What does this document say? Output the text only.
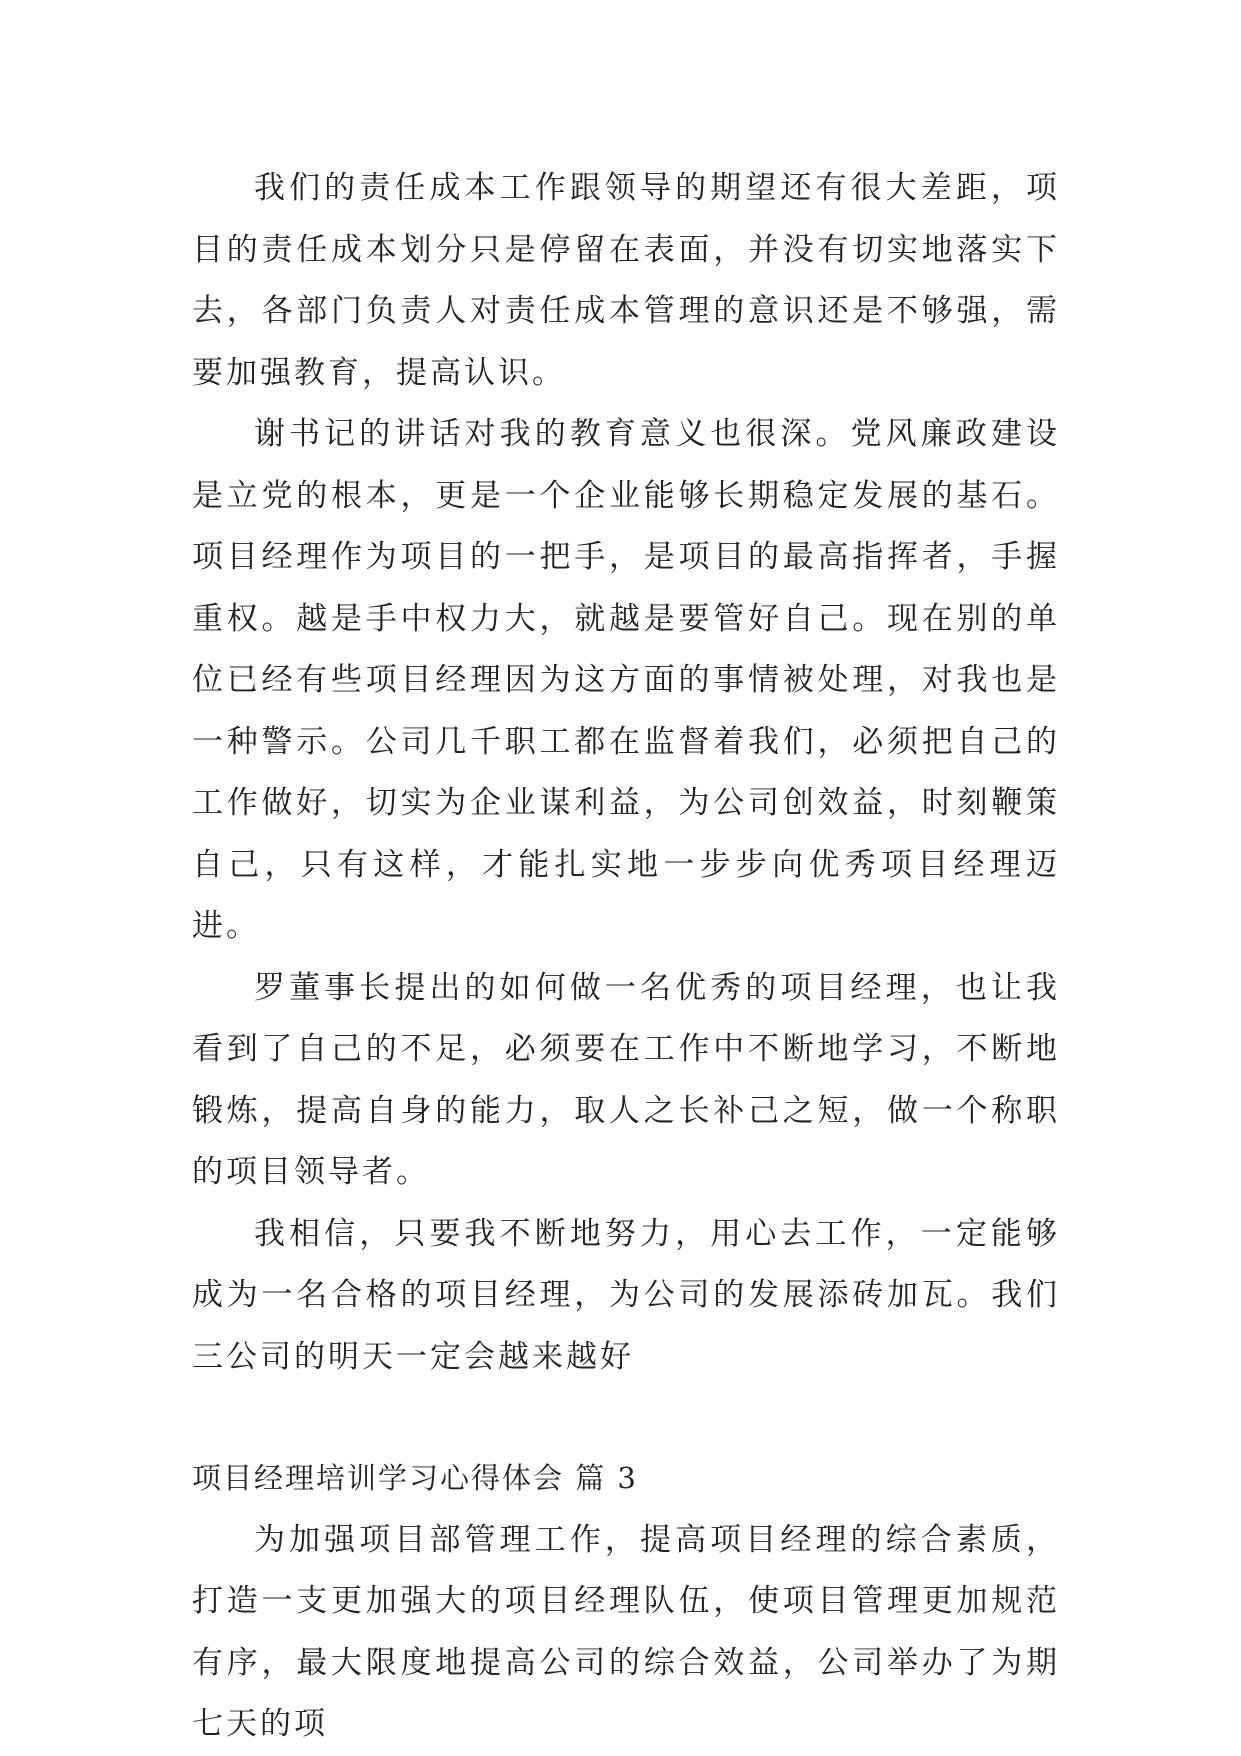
我们的责任成本工作跟领导的期望还有很大差距，项目的责任成本划分只是停留在表面，并没有切实地落实下去，各部门负责人对责任成本管理的意识还是不够强，需要加强教育，提高认识。

谢书记的讲话对我的教育意义也很深。党风廉政建设是立党的根本，更是一个企业能够长期稳定发展的基石。项目经理作为项目的一把手，是项目的最高指挥者，手握重权。越是手中权力大，就越是要管好自己。现在别的单位已经有些项目经理因为这方面的事情被处理，对我也是一种警示。公司几千职工都在监督着我们，必须把自己的工作做好，切实为企业谋利益，为公司创效益，时刻鞭策自己，只有这样，才能扎实地一步步向优秀项目经理迈进。

罗董事长提出的如何做一名优秀的项目经理，也让我看到了自己的不足，必须要在工作中不断地学习，不断地锻炼，提高自身的能力，取人之长补己之短，做一个称职的项目领导者。

我相信，只要我不断地努力，用心去工作，一定能够成为一名合格的项目经理，为公司的发展添砖加瓦。我们三公司的明天一定会越来越好

项目经理培训学习心得体会 篇 3

为加强项目部管理工作，提高项目经理的综合素质，打造一支更加强大的项目经理队伍，使项目管理更加规范有序，最大限度地提高公司的综合效益，公司举办了为期七天的项
